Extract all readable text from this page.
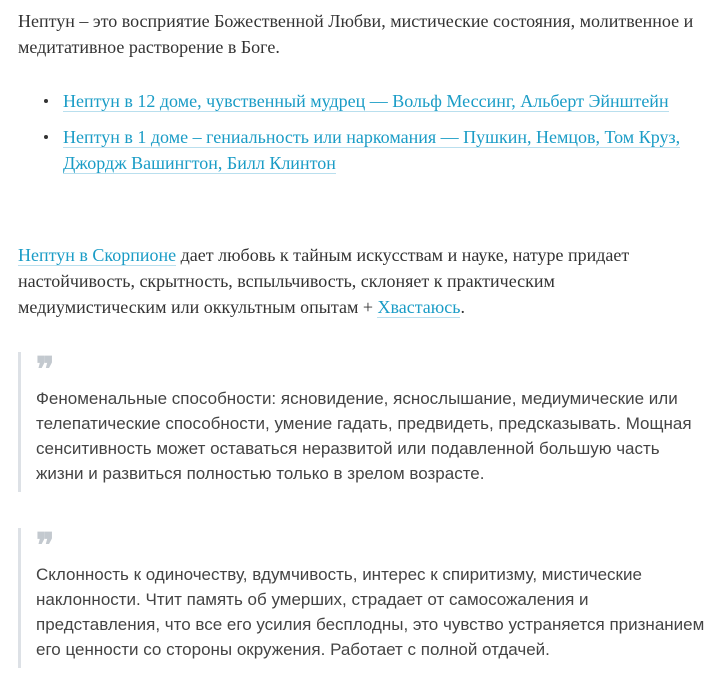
Нептун – это восприятие Божественной Любви, мистические состояния, молитвенное и медитативное растворение в Боге.

Нептун в 12 доме, чувственный мудрец — Вольф Мессинг, Альберт Эйнштейн
Нептун в 1 доме – гениальность или наркомания — Пушкин, Немцов, Том Круз, Джордж Вашингтон, Билл Клинтон

Нептун в Скорпионе дает любовь к тайным искусствам и науке, натуре придает настойчивость, скрытность, вспыльчивость, склоняет к практическим медиумистическим или оккультным опытам + Хвастаюсь.

❞

Феноменальные способности: ясновидение, яснослышание, медиумические или телепатические способности, умение гадать, предвидеть, предсказывать. Мощная сенситивность может оставаться неразвитой или подавленной большую часть жизни и развиться полностью только в зрелом возрасте.

❞

Склонность к одиночеству, вдумчивость, интерес к спиритизму, мистические наклонности. Чтит память об умерших, страдает от самосожаления и представления, что все его усилия бесплодны, это чувство устраняется признанием его ценности со стороны окружения. Работает с полной отдачей.
